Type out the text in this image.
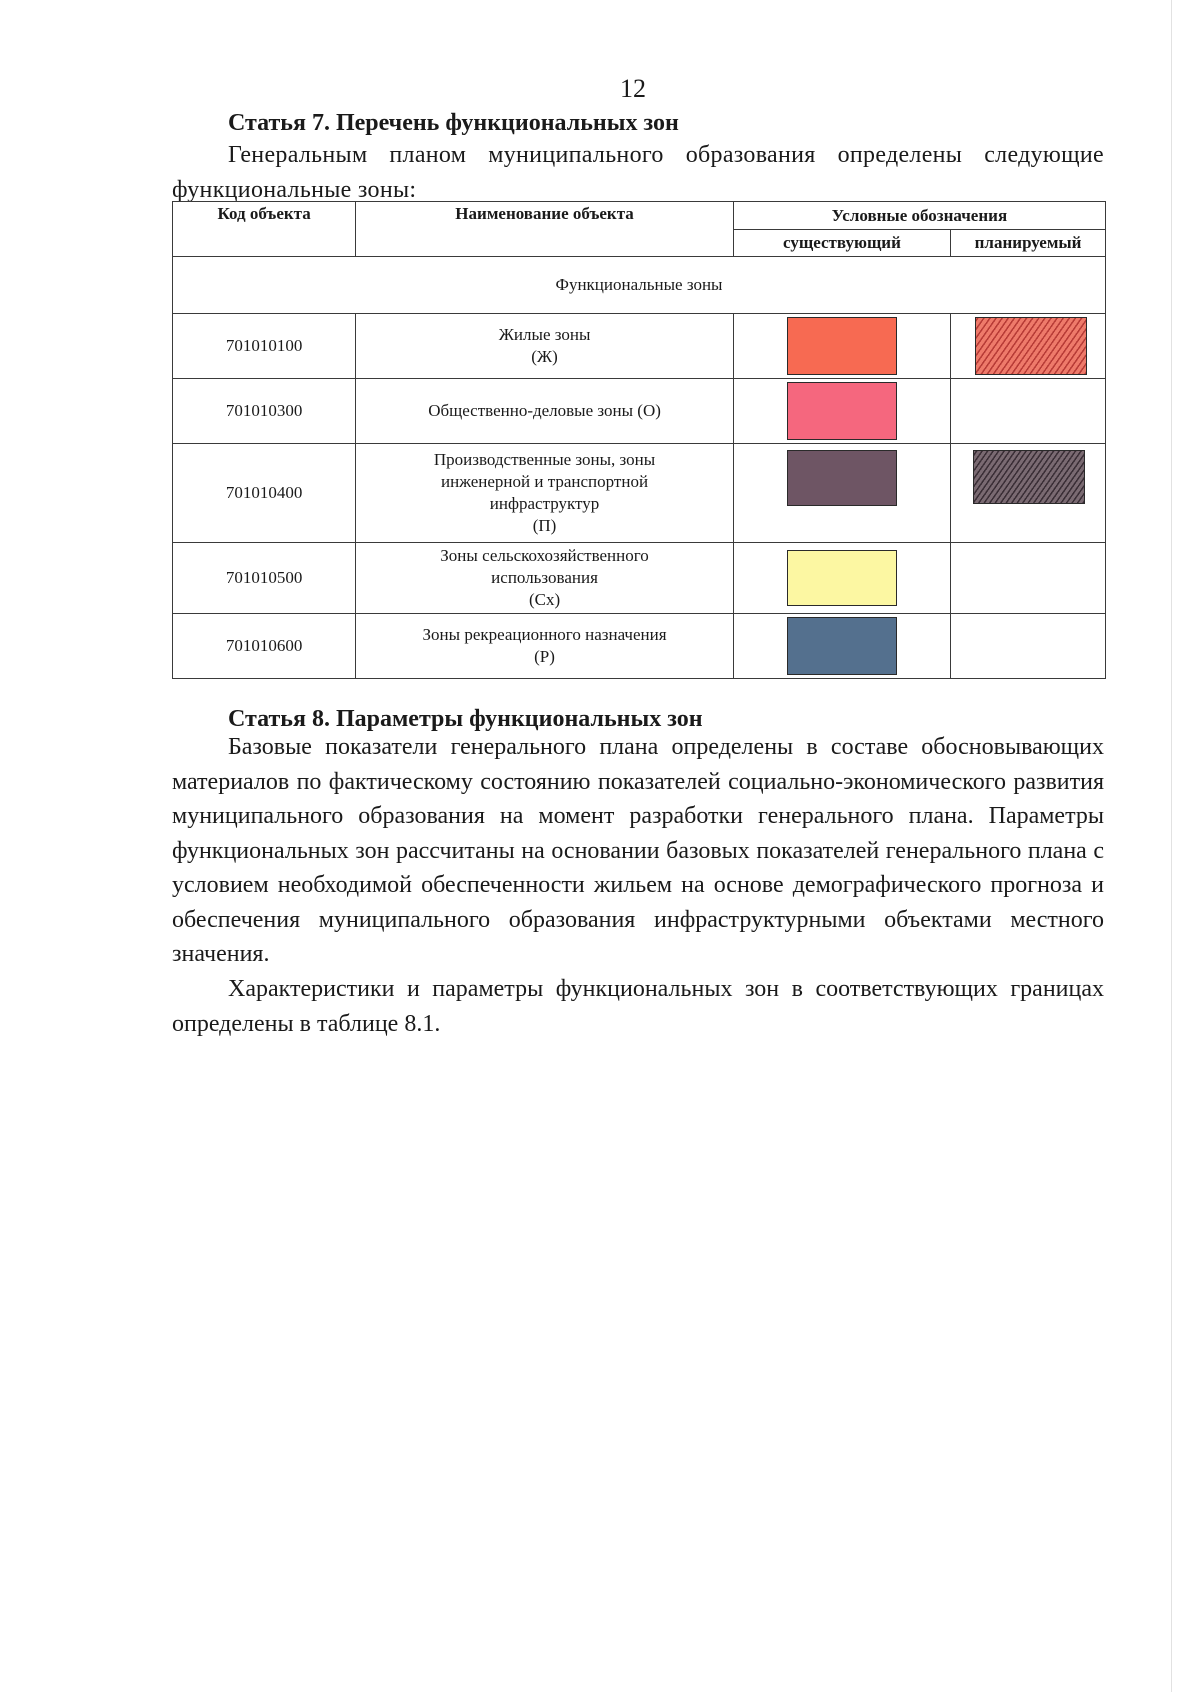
12
Статья 7. Перечень функциональных зон

Генеральным планом муниципального образования определены следующие функциональные зоны:

Код объекта	Наименование объекта	Условные обозначения	
		существующий	планируемый
Функциональные зоны			
701010100	Жилые зоны
(Ж)		

701010300	Общественно-деловые зоны (О)		

701010400	Производственные зоны, зоны
инженерной и транспортной
инфраструктур
(П)		

701010500	Зоны сельскохозяйственного
использования
(Сх)		

701010600	Зоны рекреационного назначения
(Р)		

Статья 8. Параметры функциональных зон

Базовые показатели генерального плана определены в составе обосновывающих материалов по фактическому состоянию показателей социально-экономического развития муниципального образования на момент разработки генерального плана. Параметры функциональных зон рассчитаны на основании базовых показателей генерального плана с условием необходимой обеспеченности жильем на основе демографического прогноза и обеспечения муниципального образования инфраструктурными объектами местного значения.

Характеристики и параметры функциональных зон в соответствующих границах определены в таблице 8.1.
